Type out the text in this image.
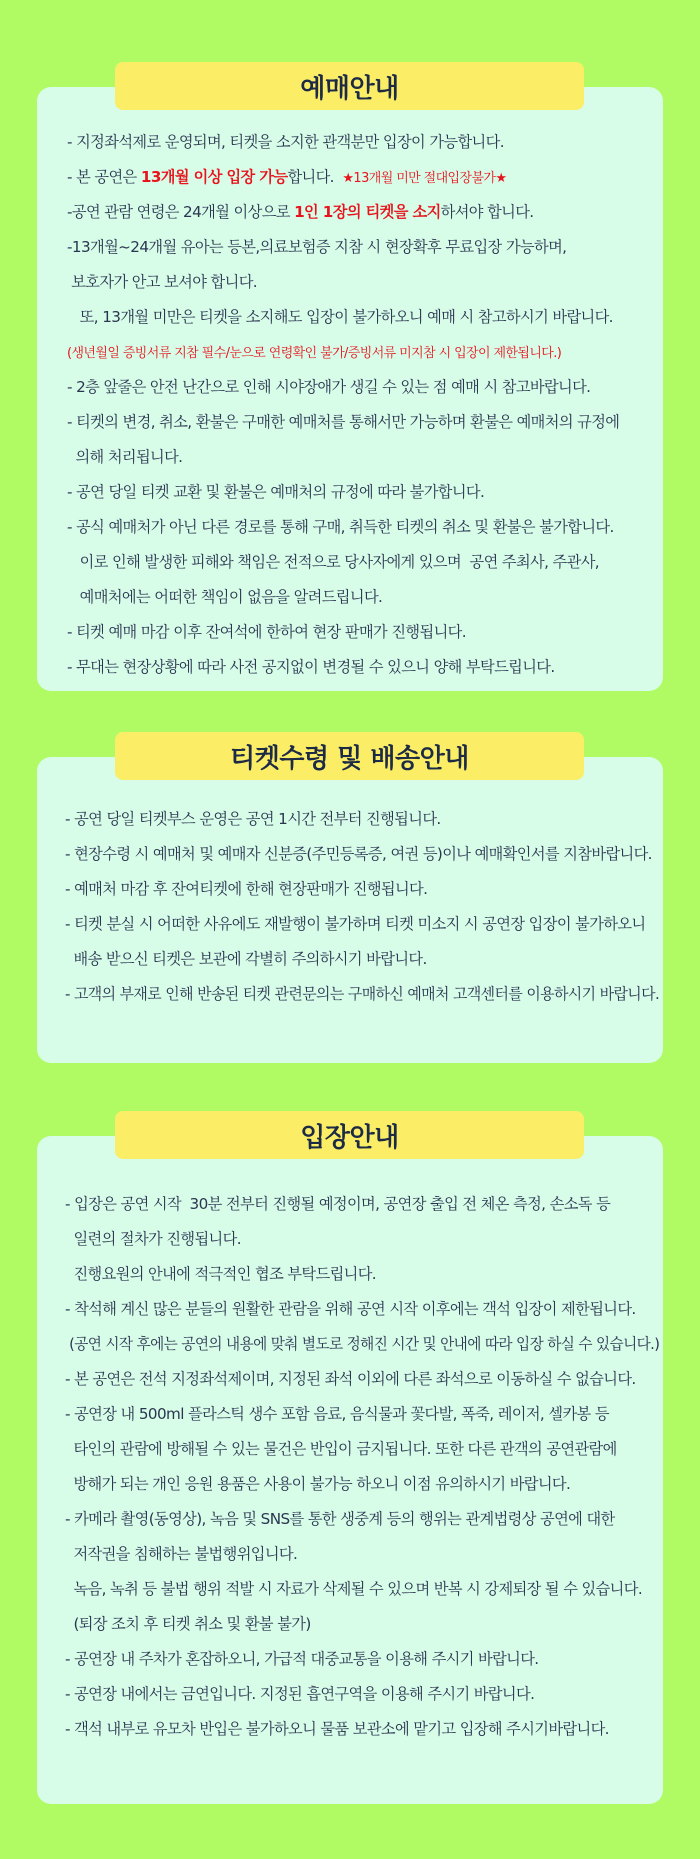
- 지정좌석제로 운영되며, 티켓을 소지한 관객분만 입장이 가능합니다.
- 본 공연은 13개월 이상 입장 가능합니다.  ★13개월 미만 절대입장불가★
-공연 관람 연령은 24개월 이상으로 1인 1장의 티켓을 소지하셔야 합니다.
-13개월~24개월 유아는 등본,의료보험증 지참 시 현장확후 무료입장 가능하며,
보호자가 안고 보셔야 합니다.
또, 13개월 미만은 티켓을 소지해도 입장이 불가하오니 예매 시 참고하시기 바랍니다.
(생년월일 증빙서류 지참 필수/눈으로 연령확인 불가/증빙서류 미지참 시 입장이 제한됩니다.)
- 2층 앞줄은 안전 난간으로 인해 시야장애가 생길 수 있는 점 예매 시 참고바랍니다.
- 티켓의 변경, 취소, 환불은 구매한 예매처를 통해서만 가능하며 환불은 예매처의 규정에
의해 처리됩니다.
- 공연 당일 티켓 교환 및 환불은 예매처의 규정에 따라 불가합니다.
- 공식 예매처가 아닌 다른 경로를 통해 구매, 취득한 티켓의 취소 및 환불은 불가합니다.
이로 인해 발생한 피해와 책임은 전적으로 당사자에게 있으며  공연 주최사, 주관사,
예매처에는 어떠한 책임이 없음을 알려드립니다.
- 티켓 예매 마감 이후 잔여석에 한하여 현장 판매가 진행됩니다.
- 무대는 현장상황에 따라 사전 공지없이 변경될 수 있으니 양해 부탁드립니다.
예매안내
- 공연 당일 티켓부스 운영은 공연 1시간 전부터 진행됩니다.
- 현장수령 시 예매처 및 예매자 신분증(주민등록증, 여권 등)이나 예매확인서를 지참바랍니다.
- 예매처 마감 후 잔여티켓에 한해 현장판매가 진행됩니다.
- 티켓 분실 시 어떠한 사유에도 재발행이 불가하며 티켓 미소지 시 공연장 입장이 불가하오니
배송 받으신 티켓은 보관에 각별히 주의하시기 바랍니다.
- 고객의 부재로 인해 반송된 티켓 관련문의는 구매하신 예매처 고객센터를 이용하시기 바랍니다.
티켓수령 및 배송안내
- 입장은 공연 시작  30분 전부터 진행될 예정이며, 공연장 출입 전 체온 측정, 손소독 등
일련의 절차가 진행됩니다.
진행요원의 안내에 적극적인 협조 부탁드립니다.
- 착석해 계신 많은 분들의 원활한 관람을 위해 공연 시작 이후에는 객석 입장이 제한됩니다.
(공연 시작 후에는 공연의 내용에 맞춰 별도로 정해진 시간 및 안내에 따라 입장 하실 수 있습니다.)
- 본 공연은 전석 지정좌석제이며, 지정된 좌석 이외에 다른 좌석으로 이동하실 수 없습니다.
- 공연장 내 500ml 플라스틱 생수 포함 음료, 음식물과 꽃다발, 폭죽, 레이저, 셀카봉 등
타인의 관람에 방해될 수 있는 물건은 반입이 금지됩니다. 또한 다른 관객의 공연관람에
방해가 되는 개인 응원 용품은 사용이 불가능 하오니 이점 유의하시기 바랍니다.
- 카메라 촬영(동영상), 녹음 및 SNS를 통한 생중계 등의 행위는 관계법령상 공연에 대한
저작권을 침해하는 불법행위입니다.
녹음, 녹취 등 불법 행위 적발 시 자료가 삭제될 수 있으며 반복 시 강제퇴장 될 수 있습니다.
(퇴장 조치 후 티켓 취소 및 환불 불가)
- 공연장 내 주차가 혼잡하오니, 가급적 대중교통을 이용해 주시기 바랍니다.
- 공연장 내에서는 금연입니다. 지정된 흡연구역을 이용해 주시기 바랍니다.
- 객석 내부로 유모차 반입은 불가하오니 물품 보관소에 맡기고 입장해 주시기바랍니다.
입장안내
